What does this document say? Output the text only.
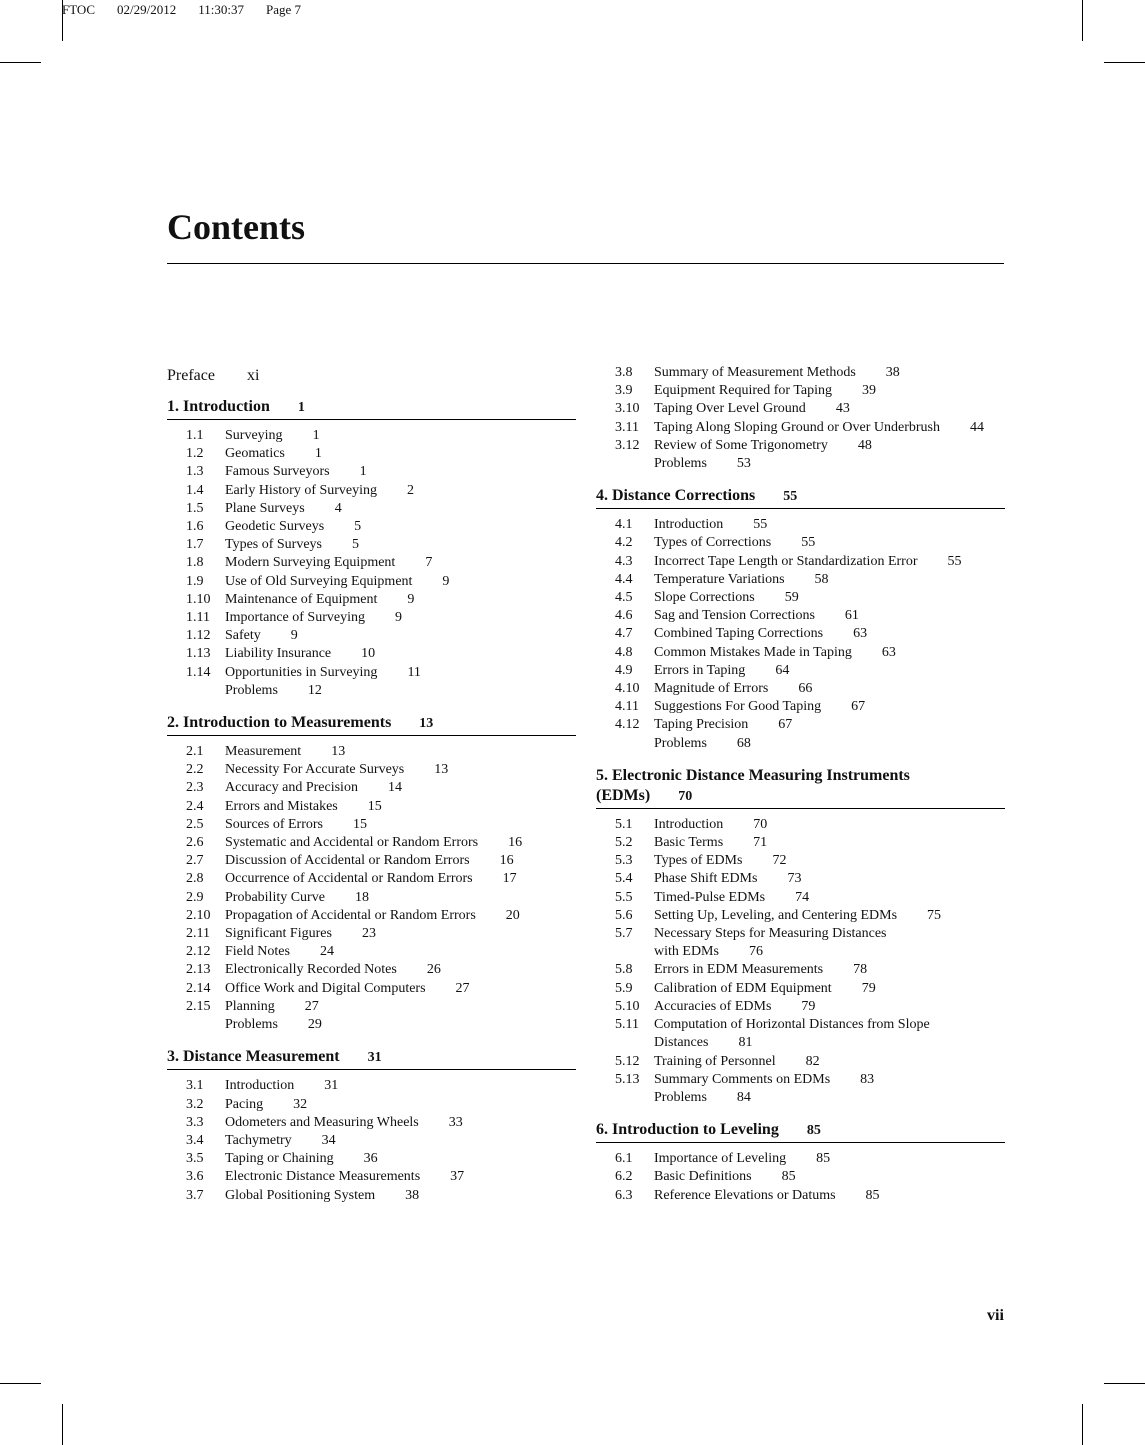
FTOC 02/29/2012 11:30:37 Page 7
Contents
Preface xi
1. Introduction 1
1.1 Surveying 1
1.2 Geomatics 1
1.3 Famous Surveyors 1
1.4 Early History of Surveying 2
1.5 Plane Surveys 4
1.6 Geodetic Surveys 5
1.7 Types of Surveys 5
1.8 Modern Surveying Equipment 7
1.9 Use of Old Surveying Equipment 9
1.10 Maintenance of Equipment 9
1.11 Importance of Surveying 9
1.12 Safety 9
1.13 Liability Insurance 10
1.14 Opportunities in Surveying 11
Problems 12
2. Introduction to Measurements 13
2.1 Measurement 13
2.2 Necessity For Accurate Surveys 13
2.3 Accuracy and Precision 14
2.4 Errors and Mistakes 15
2.5 Sources of Errors 15
2.6 Systematic and Accidental or Random Errors 16
2.7 Discussion of Accidental or Random Errors 16
2.8 Occurrence of Accidental or Random Errors 17
2.9 Probability Curve 18
2.10 Propagation of Accidental or Random Errors 20
2.11 Significant Figures 23
2.12 Field Notes 24
2.13 Electronically Recorded Notes 26
2.14 Office Work and Digital Computers 27
2.15 Planning 27
Problems 29
3. Distance Measurement 31
3.1 Introduction 31
3.2 Pacing 32
3.3 Odometers and Measuring Wheels 33
3.4 Tachymetry 34
3.5 Taping or Chaining 36
3.6 Electronic Distance Measurements 37
3.7 Global Positioning System 38
3.8 Summary of Measurement Methods 38
3.9 Equipment Required for Taping 39
3.10 Taping Over Level Ground 43
3.11 Taping Along Sloping Ground or Over Underbrush 44
3.12 Review of Some Trigonometry 48
Problems 53
4. Distance Corrections 55
4.1 Introduction 55
4.2 Types of Corrections 55
4.3 Incorrect Tape Length or Standardization Error 55
4.4 Temperature Variations 58
4.5 Slope Corrections 59
4.6 Sag and Tension Corrections 61
4.7 Combined Taping Corrections 63
4.8 Common Mistakes Made in Taping 63
4.9 Errors in Taping 64
4.10 Magnitude of Errors 66
4.11 Suggestions For Good Taping 67
4.12 Taping Precision 67
Problems 68
5. Electronic Distance Measuring Instruments
(EDMs) 70
5.1 Introduction 70
5.2 Basic Terms 71
5.3 Types of EDMs 72
5.4 Phase Shift EDMs 73
5.5 Timed-Pulse EDMs 74
5.6 Setting Up, Leveling, and Centering EDMs 75
5.7 Necessary Steps for Measuring Distances
with EDMs 76
5.8 Errors in EDM Measurements 78
5.9 Calibration of EDM Equipment 79
5.10 Accuracies of EDMs 79
5.11 Computation of Horizontal Distances from Slope
Distances 81
5.12 Training of Personnel 82
5.13 Summary Comments on EDMs 83
Problems 84
6. Introduction to Leveling 85
6.1 Importance of Leveling 85
6.2 Basic Definitions 85
6.3 Reference Elevations or Datums 85
vii
